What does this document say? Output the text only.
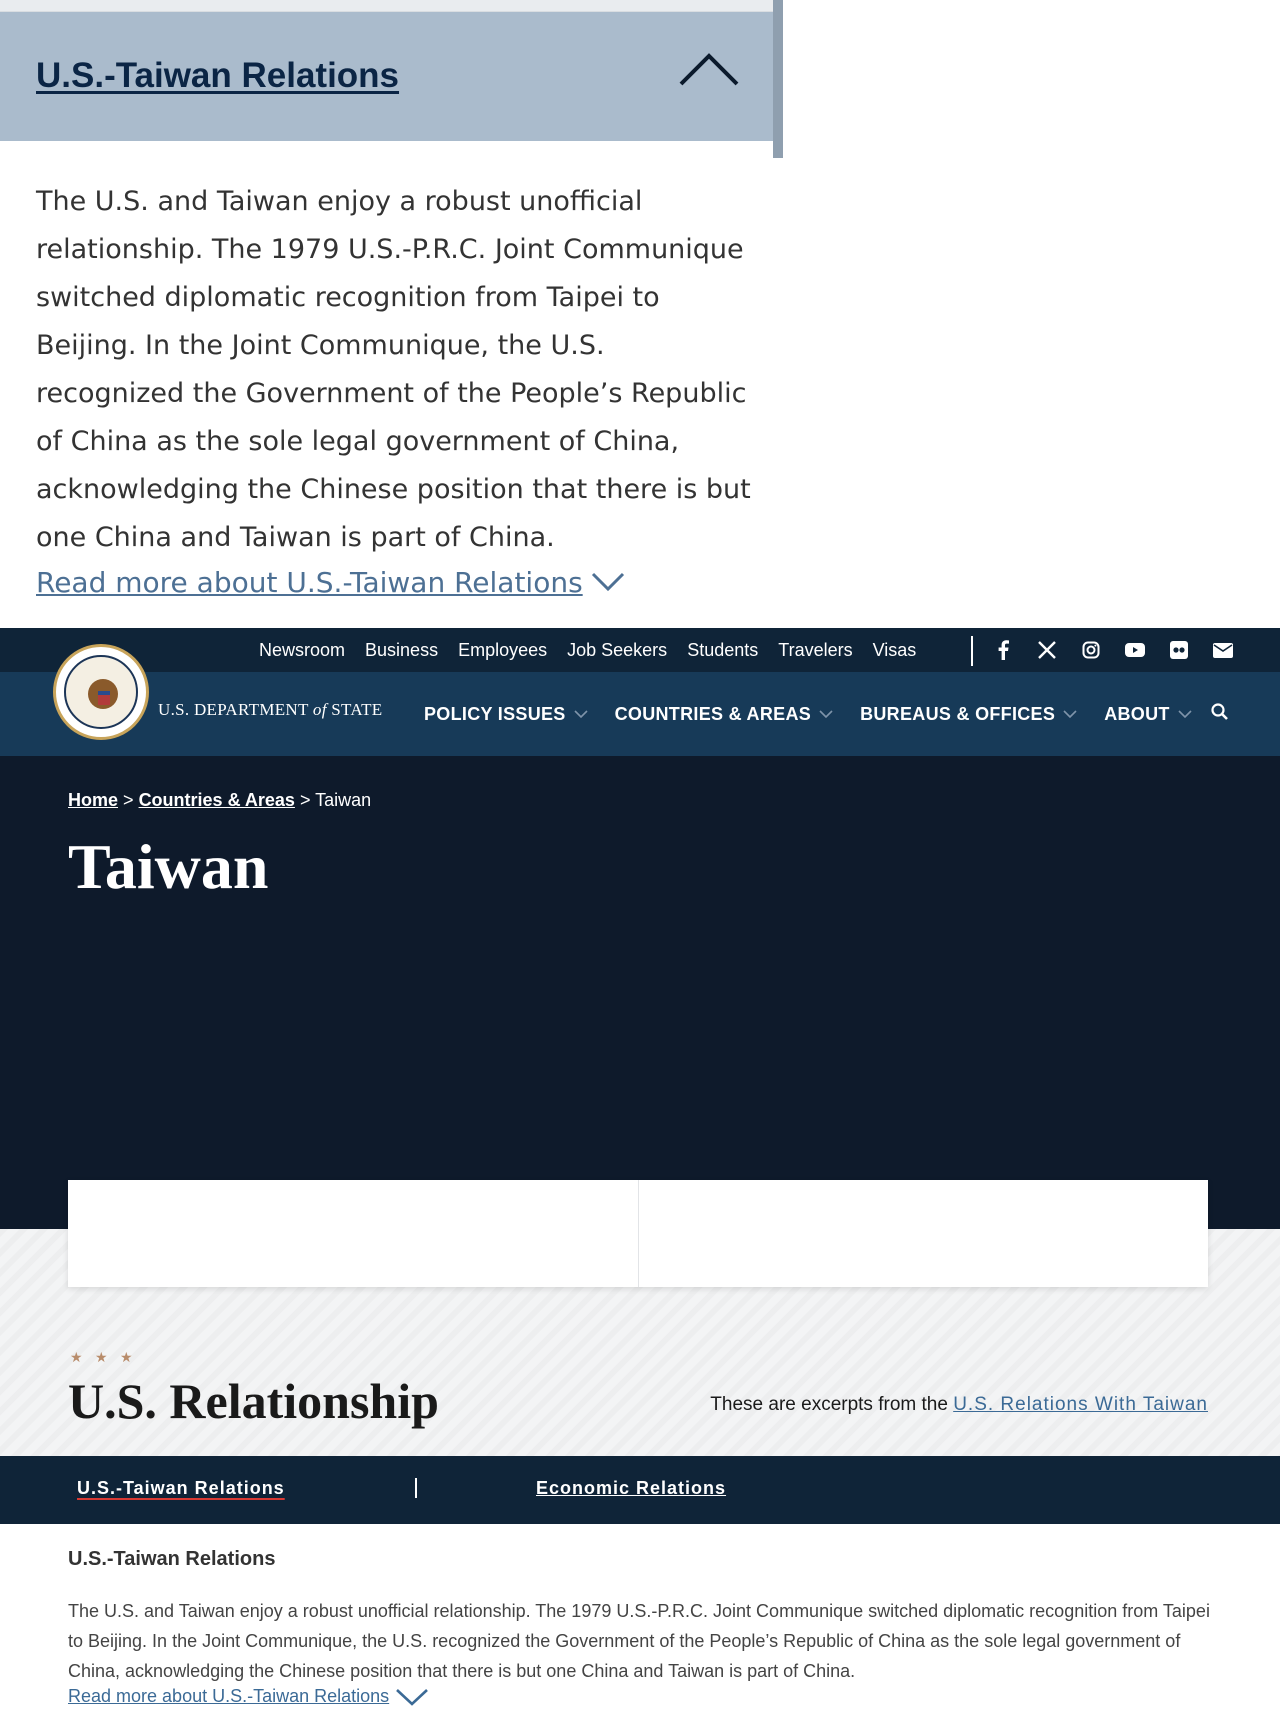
U.S.-Taiwan Relations

The U.S. and Taiwan enjoy a robust unofficial relationship. The 1979 U.S.-P.R.C. Joint Communique switched diplomatic recognition from Taipei to Beijing. In the Joint Communique, the U.S. recognized the Government of the People’s Republic of China as the sole legal government of China, acknowledging the Chinese position that there is but one China and Taiwan is part of China.

Read more about U.S.-Taiwan Relations
Newsroom Business Employees Job Seekers Students Travelers Visas
U.S. DEPARTMENT of STATE POLICY ISSUES	COUNTRIES & AREAS	BUREAUS & OFFICES	ABOUT
Home > Countries & Areas > Taiwan
Taiwan
★ ★ ★
U.S. Relationship	These are excerpts from the U.S. Relations With Taiwan
U.S.-Taiwan Relations	Economic Relations
U.S.-Taiwan Relations

The U.S. and Taiwan enjoy a robust unofficial relationship. The 1979 U.S.-P.R.C. Joint Communique switched diplomatic recognition from Taipei to Beijing. In the Joint Communique, the U.S. recognized the Government of the People’s Republic of China as the sole legal government of China, acknowledging the Chinese position that there is but one China and Taiwan is part of China.

Read more about U.S.-Taiwan Relations
